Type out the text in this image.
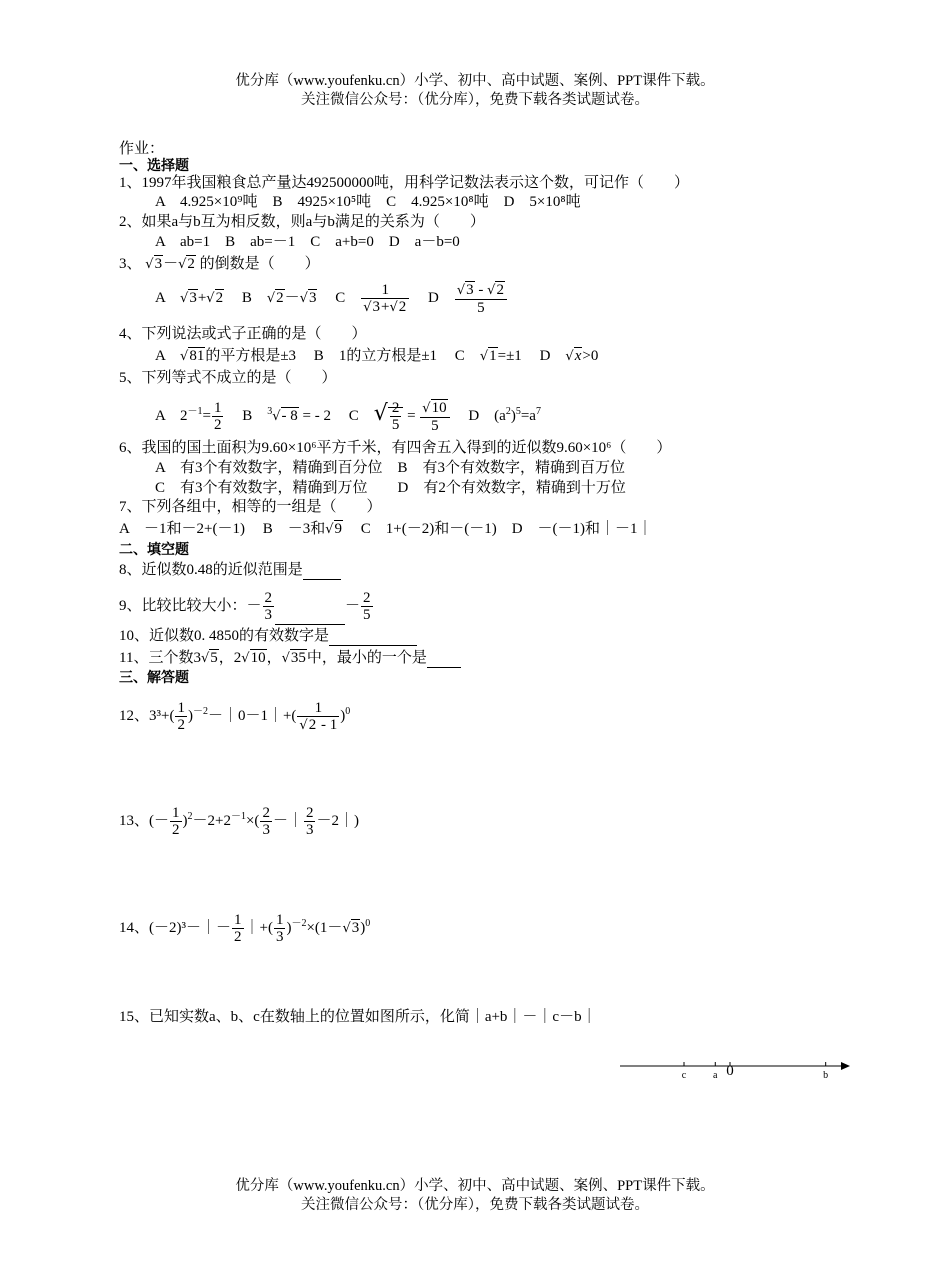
优分库（www.youfenku.cn）小学、初中、高中试题、案例、PPT课件下载。
关注微信公众号：（优分库），免费下载各类试题试卷。
作业：
一、选择题
1、1997年我国粮食总产量达492500000吨，用科学记数法表示这个数，可记作（　　）
A　4.925×10⁹吨　B　4925×10⁵吨　C　4.925×10⁸吨　D　5×10⁸吨
2、如果a与b互为相反数，则a与b满足的关系为（　　）
A　ab=1　B　ab=－1　C　a+b=0　D　a－b=0
3、 √3－√2 的倒数是（　　）
A　√3+√2 B　√2－√3 C　 $\frac{1}{√3+√2}$ D　 $\frac{√3 - √2}{5}$
4、下列说法或式子正确的是（　　）
A　√81的平方根是±3 B　1的立方根是±1 C　√1=±1 D　√x>0
5、下列等式不成立的是（　　）
A　$2^{-1}= \frac{1}{2}$ B　$^3$√- 8 = - 2 C　√ $\frac{2}{5} = \frac{√10}{5}$ D　$(a^2)^5=a^7$
6、我国的国土面积为9.60×10⁶平方千米，有四舍五入得到的近似数9.60×10⁶（　　）
A　有3个有效数字，精确到百分位　B　有3个有效数字，精确到百万位
C　有3个有效数字，精确到万位　　D　有2个有效数字，精确到十万位
7、下列各组中，相等的一组是（　　）
A　－1和－2+(－1) B　－3和√9 C　1+(－2)和－(－1)　D　－(－1)和｜－1｜
二、填空题
8、近似数0.48的近似范围是
9、比较比较大小：－ $\frac{2}{3}$	－ $\frac{2}{5}$
10、近似数0. 4850的有效数字是
11、三个数3√5，2√10，√35中，最小的一个是
三、解答题
12、$3^3+( \frac{1}{2}$ )$^{-2}-|0-1|+( \frac{1}{√2 - 1} )^0$
13、(－ $\frac{1}{2} )^2-2+2^{-1}\times( \frac{2}{3}$ －｜ $\frac{2}{3}$ －2｜)
14、(－2)³－｜－ $\frac{1}{2}$ ｜+( $\frac{1}{3} )^{-2}\times(1-√3)^0$
15、已知实数a、b、c在数轴上的位置如图所示，化简｜a+b｜－｜c－b｜
c	a 0	b
优分库（www.youfenku.cn）小学、初中、高中试题、案例、PPT课件下载。
关注微信公众号：（优分库），免费下载各类试题试卷。
